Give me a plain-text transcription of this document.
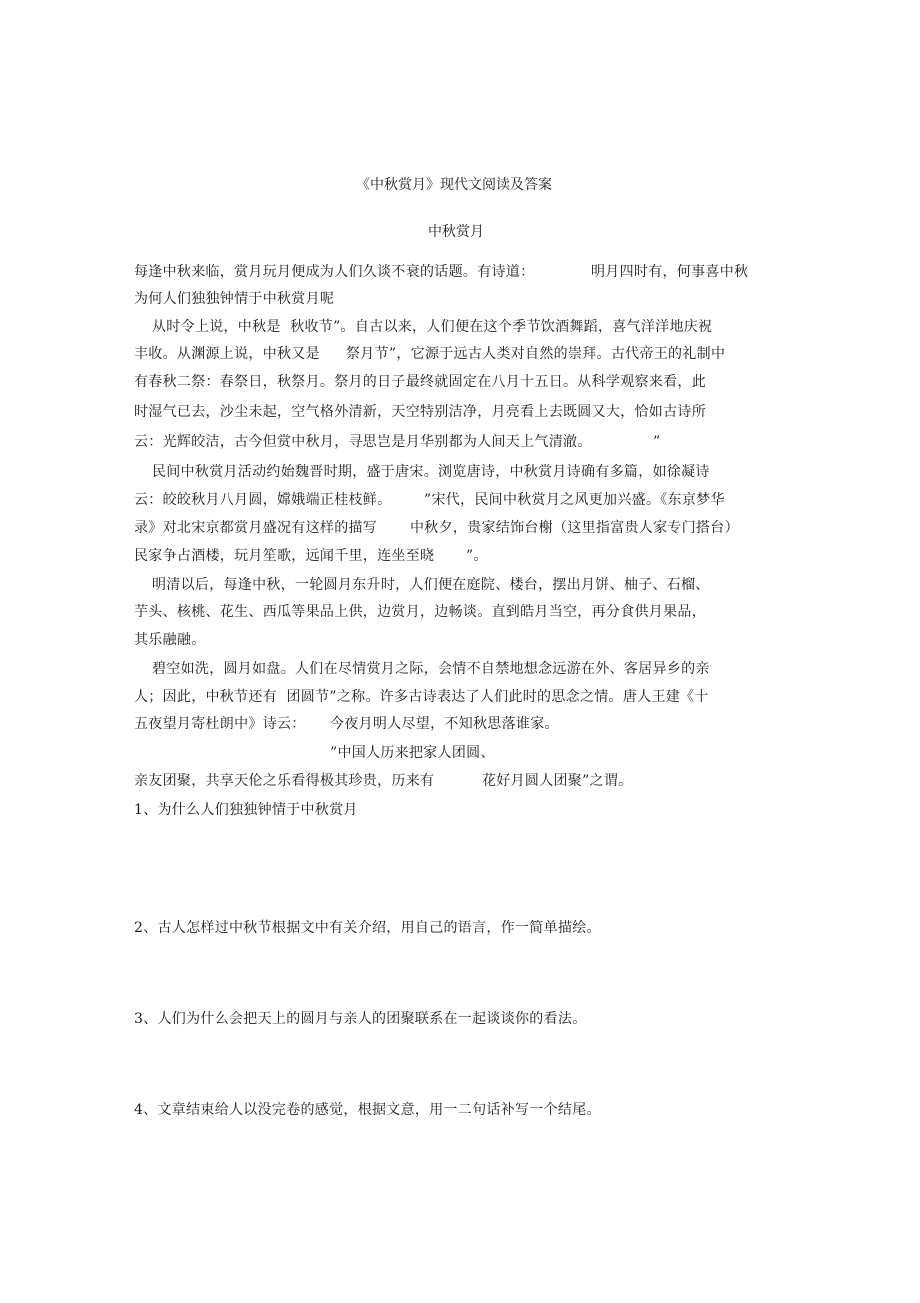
《中秋赏月》现代文阅读及答案
中秋赏月
每逢中秋来临，赏月玩月便成为人们久谈不衰的话题。有诗道：	明月四时有，何事喜中秋
为何人们独独钟情于中秋赏月呢
从时令上说，中秋是  秋收节”。自古以来，人们便在这个季节饮酒舞蹈，喜气洋洋地庆祝
丰收。从渊源上说，中秋又是 祭月节”，它源于远古人类对自然的崇拜。古代帝王的礼制中
有春秋二祭：春祭日，秋祭月。祭月的日子最终就固定在八月十五日。从科学观察来看，此
时湿气已去，沙尘未起，空气格外清新，天空特别洁净，月亮看上去既圆又大，恰如古诗所
云：光辉皎洁，古今但赏中秋月，寻思岂是月华别都为人间天上气清澈。	”
民间中秋赏月活动约始魏晋时期，盛于唐宋。浏览唐诗，中秋赏月诗确有多篇，如徐凝诗
云：皎皎秋月八月圆，嫦娥端正桂枝鲜。 ”宋代，民间中秋赏月之风更加兴盛。《东京梦华
录》对北宋京都赏月盛况有这样的描写 中秋夕，贵家结饰台榭（这里指富贵人家专门搭台）
民家争占酒楼，玩月笙歌，远闻千里，连坐至晓 ”。
明清以后，每逢中秋，一轮圆月东升时，人们便在庭院、楼台，摆出月饼、柚子、石榴、
芋头、核桃、花生、西瓜等果品上供，边赏月，边畅谈。直到皓月当空，再分食供月果品，
其乐融融。
碧空如洗，圆月如盘。人们在尽情赏月之际，会情不自禁地想念远游在外、客居异乡的亲
人；因此，中秋节还有  团圆节”之称。许多古诗表达了人们此时的思念之情。唐人王建《十
五夜望月寄杜朗中》诗云： 今夜月明人尽望，不知秋思落谁家。
”中国人历来把家人团圆、
亲友团聚，共享天伦之乐看得极其珍贵，历来有	花好月圆人团聚”之谓。
1、为什么人们独独钟情于中秋赏月
2、古人怎样过中秋节根据文中有关介绍，用自己的语言，作一简单描绘。
3、人们为什么会把天上的圆月与亲人的团聚联系在一起谈谈你的看法。
4、文章结束给人以没完卷的感觉，根据文意，用一二句话补写一个结尾。
